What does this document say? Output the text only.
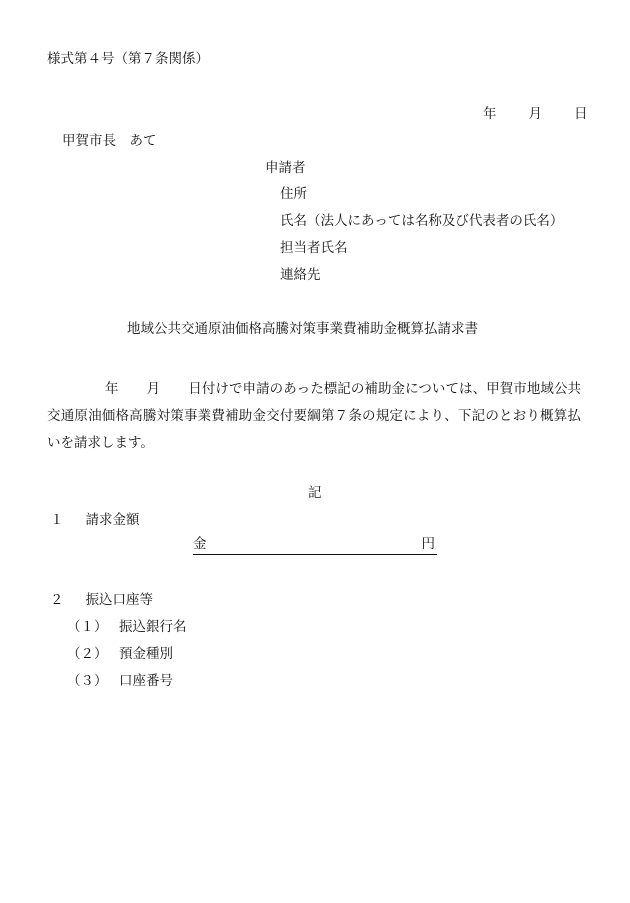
様式第４号（第７条関係）
年 月 日
甲賀市長　あて
申請者
住所
氏名（法人にあっては名称及び代表者の氏名）
担当者氏名
連絡先
地域公共交通原油価格高騰対策事業費補助金概算払請求書
年 月 日付けで申請のあった標記の補助金については、甲賀市地域公共交通原油価格高騰対策事業費補助金交付要綱第７条の規定により、下記のとおり概算払いを請求します。
記
１ 請求金額
金	円
２ 振込口座等
（１） 振込銀行名
（２） 預金種別
（３） 口座番号
